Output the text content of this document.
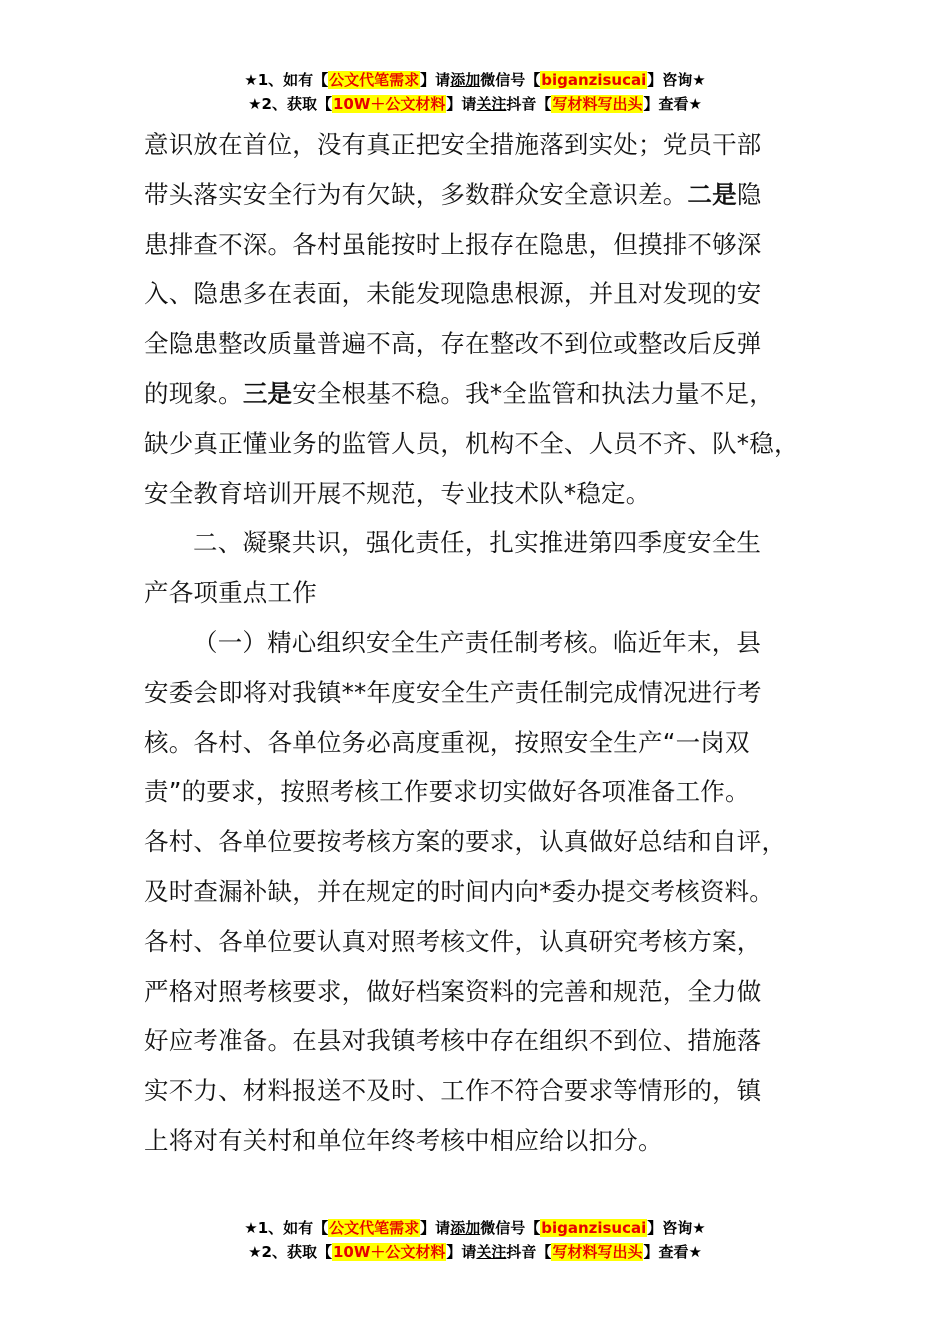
★1、如有【公文代笔需求】请添加微信号【biganzisucai】咨询★
★2、获取【10W＋公文材料】请关注抖音【写材料写出头】查看★
意识放在首位，没有真正把安全措施落到实处；党员干部
带头落实安全行为有欠缺，多数群众安全意识差。二是隐
患排查不深。各村虽能按时上报存在隐患，但摸排不够深
入、隐患多在表面，未能发现隐患根源，并且对发现的安
全隐患整改质量普遍不高，存在整改不到位或整改后反弹
的现象。三是安全根基不稳。我*全监管和执法力量不足，
缺少真正懂业务的监管人员，机构不全、人员不齐、队*稳，
安全教育培训开展不规范，专业技术队*稳定。
二、凝聚共识，强化责任，扎实推进第四季度安全生
产各项重点工作
（一）精心组织安全生产责任制考核。临近年末，县
安委会即将对我镇**年度安全生产责任制完成情况进行考
核。各村、各单位务必高度重视，按照安全生产“一岗双
责”的要求，按照考核工作要求切实做好各项准备工作。
各村、各单位要按考核方案的要求，认真做好总结和自评，
及时查漏补缺，并在规定的时间内向*委办提交考核资料。
各村、各单位要认真对照考核文件，认真研究考核方案，
严格对照考核要求，做好档案资料的完善和规范，全力做
好应考准备。在县对我镇考核中存在组织不到位、措施落
实不力、材料报送不及时、工作不符合要求等情形的，镇
上将对有关村和单位年终考核中相应给以扣分。
★1、如有【公文代笔需求】请添加微信号【biganzisucai】咨询★
★2、获取【10W＋公文材料】请关注抖音【写材料写出头】查看★
